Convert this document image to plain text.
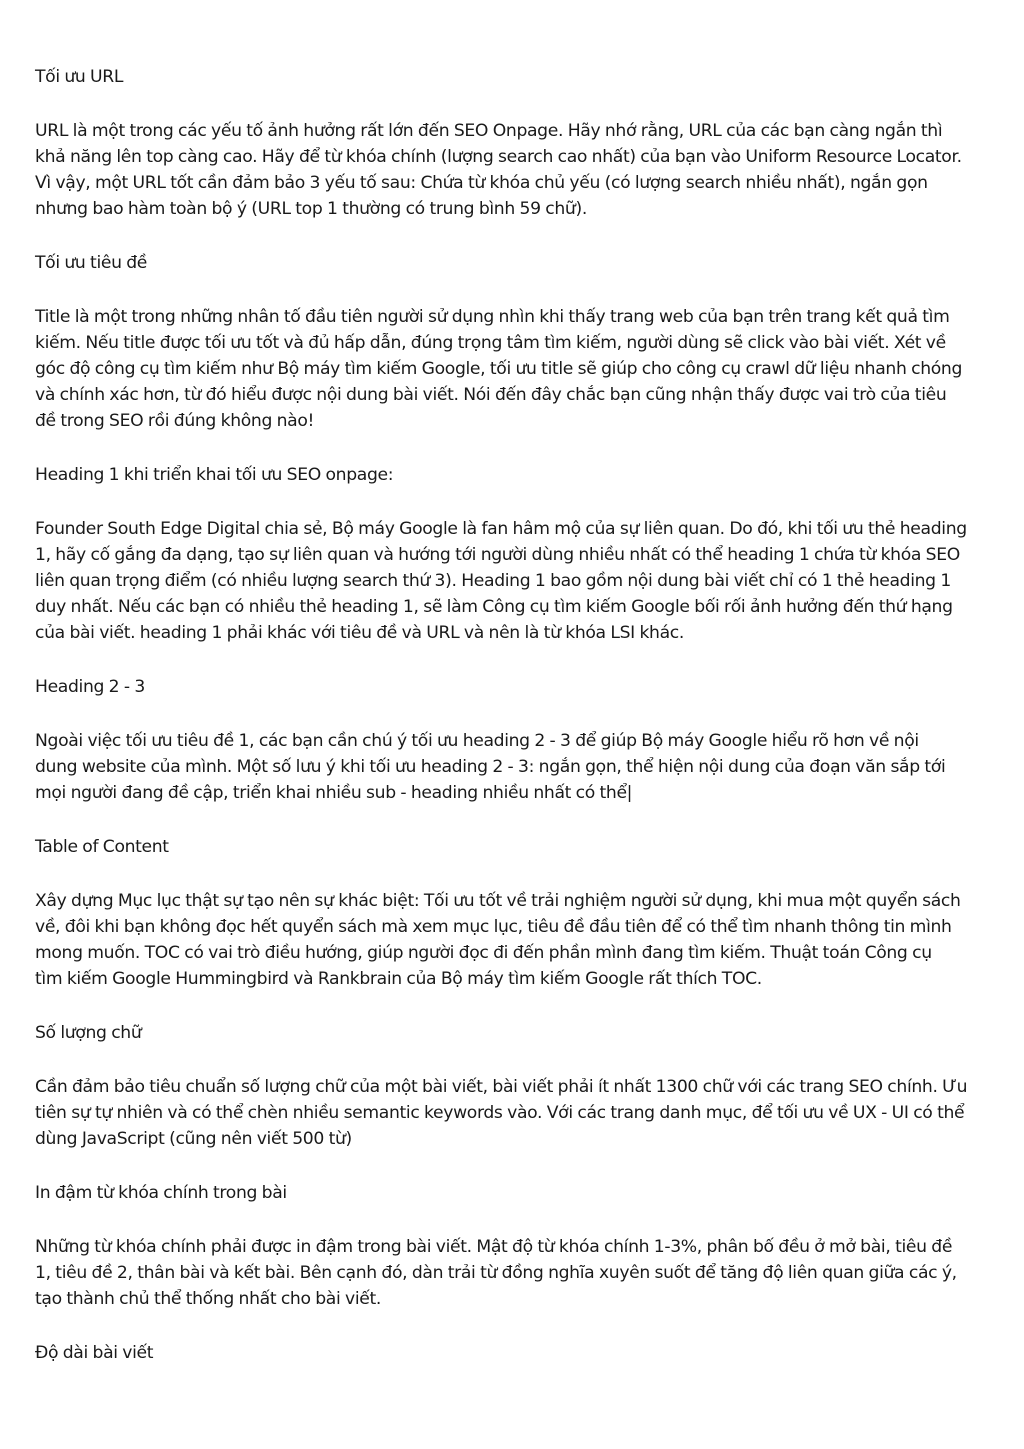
Tối ưu URL
URL là một trong các yếu tố ảnh hưởng rất lớn đến SEO Onpage. Hãy nhớ rằng, URL của các bạn càng ngắn thì
khả năng lên top càng cao. Hãy để từ khóa chính (lượng search cao nhất) của bạn vào Uniform Resource Locator.
Vì vậy, một URL tốt cần đảm bảo 3 yếu tố sau: Chứa từ khóa chủ yếu (có lượng search nhiều nhất), ngắn gọn
nhưng bao hàm toàn bộ ý (URL top 1 thường có trung bình 59 chữ).
Tối ưu tiêu đề
Title là một trong những nhân tố đầu tiên người sử dụng nhìn khi thấy trang web của bạn trên trang kết quả tìm
kiếm. Nếu title được tối ưu tốt và đủ hấp dẫn, đúng trọng tâm tìm kiếm, người dùng sẽ click vào bài viết. Xét về
góc độ công cụ tìm kiếm như Bộ máy tìm kiếm Google, tối ưu title sẽ giúp cho công cụ crawl dữ liệu nhanh chóng
và chính xác hơn, từ đó hiểu được nội dung bài viết. Nói đến đây chắc bạn cũng nhận thấy được vai trò của tiêu
đề trong SEO rồi đúng không nào!
Heading 1 khi triển khai tối ưu SEO onpage:
Founder South Edge Digital chia sẻ, Bộ máy Google là fan hâm mộ của sự liên quan. Do đó, khi tối ưu thẻ heading
1, hãy cố gắng đa dạng, tạo sự liên quan và hướng tới người dùng nhiều nhất có thể heading 1 chứa từ khóa SEO
liên quan trọng điểm (có nhiều lượng search thứ 3). Heading 1 bao gồm nội dung bài viết chỉ có 1 thẻ heading 1
duy nhất. Nếu các bạn có nhiều thẻ heading 1, sẽ làm Công cụ tìm kiếm Google bối rối ảnh hưởng đến thứ hạng
của bài viết. heading 1 phải khác với tiêu đề và URL và nên là từ khóa LSI khác.
Heading 2 - 3
Ngoài việc tối ưu tiêu đề 1, các bạn cần chú ý tối ưu heading 2 - 3 để giúp Bộ máy Google hiểu rõ hơn về nội
dung website của mình. Một số lưu ý khi tối ưu heading 2 - 3: ngắn gọn, thể hiện nội dung của đoạn văn sắp tới
mọi người đang đề cập, triển khai nhiều sub - heading nhiều nhất có thể|
Table of Content
Xây dựng Mục lục thật sự tạo nên sự khác biệt: Tối ưu tốt về trải nghiệm người sử dụng, khi mua một quyển sách
về, đôi khi bạn không đọc hết quyển sách mà xem mục lục, tiêu đề đầu tiên để có thể tìm nhanh thông tin mình
mong muốn. TOC có vai trò điều hướng, giúp người đọc đi đến phần mình đang tìm kiếm. Thuật toán Công cụ
tìm kiếm Google Hummingbird và Rankbrain của Bộ máy tìm kiếm Google rất thích TOC.
Số lượng chữ
Cần đảm bảo tiêu chuẩn số lượng chữ của một bài viết, bài viết phải ít nhất 1300 chữ với các trang SEO chính. Ưu
tiên sự tự nhiên và có thể chèn nhiều semantic keywords vào. Với các trang danh mục, để tối ưu về UX - UI có thể
dùng JavaScript (cũng nên viết 500 từ)
In đậm từ khóa chính trong bài
Những từ khóa chính phải được in đậm trong bài viết. Mật độ từ khóa chính 1-3%, phân bố đều ở mở bài, tiêu đề
1, tiêu đề 2, thân bài và kết bài. Bên cạnh đó, dàn trải từ đồng nghĩa xuyên suốt để tăng độ liên quan giữa các ý,
tạo thành chủ thể thống nhất cho bài viết.
Độ dài bài viết
